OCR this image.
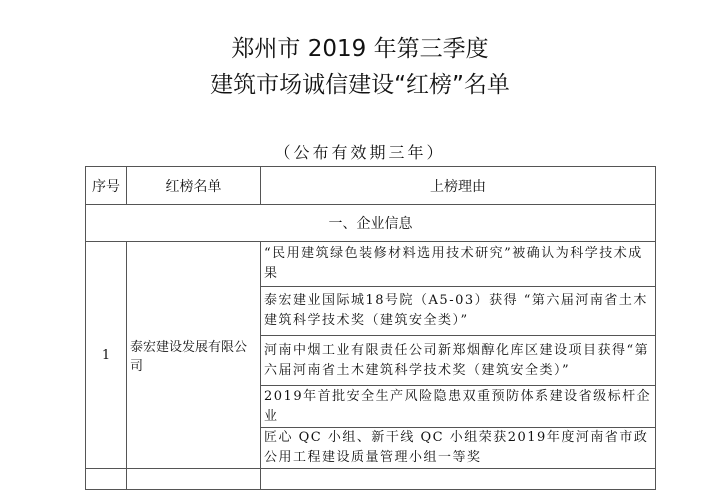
郑州市 2019 年第三季度
建筑市场诚信建设“红榜”名单
（公布有效期三年）
序号	红榜名单	上榜理由
一、企业信息		
1	泰宏建设发展有限公司	“民用建筑绿色装修材料选用技术研究”被确认为科学技术成果
		泰宏建业国际城18号院（A5-03）获得 “第六届河南省土木建筑科学技术奖（建筑安全类）”
		河南中烟工业有限责任公司新郑烟醇化库区建设项目获得“第六届河南省土木建筑科学技术奖（建筑安全类）”
		2019年首批安全生产风险隐患双重预防体系建设省级标杆企业
		匠心 QC 小组、新干线 QC 小组荣获2019年度河南省市政公用工程建设质量管理小组一等奖
